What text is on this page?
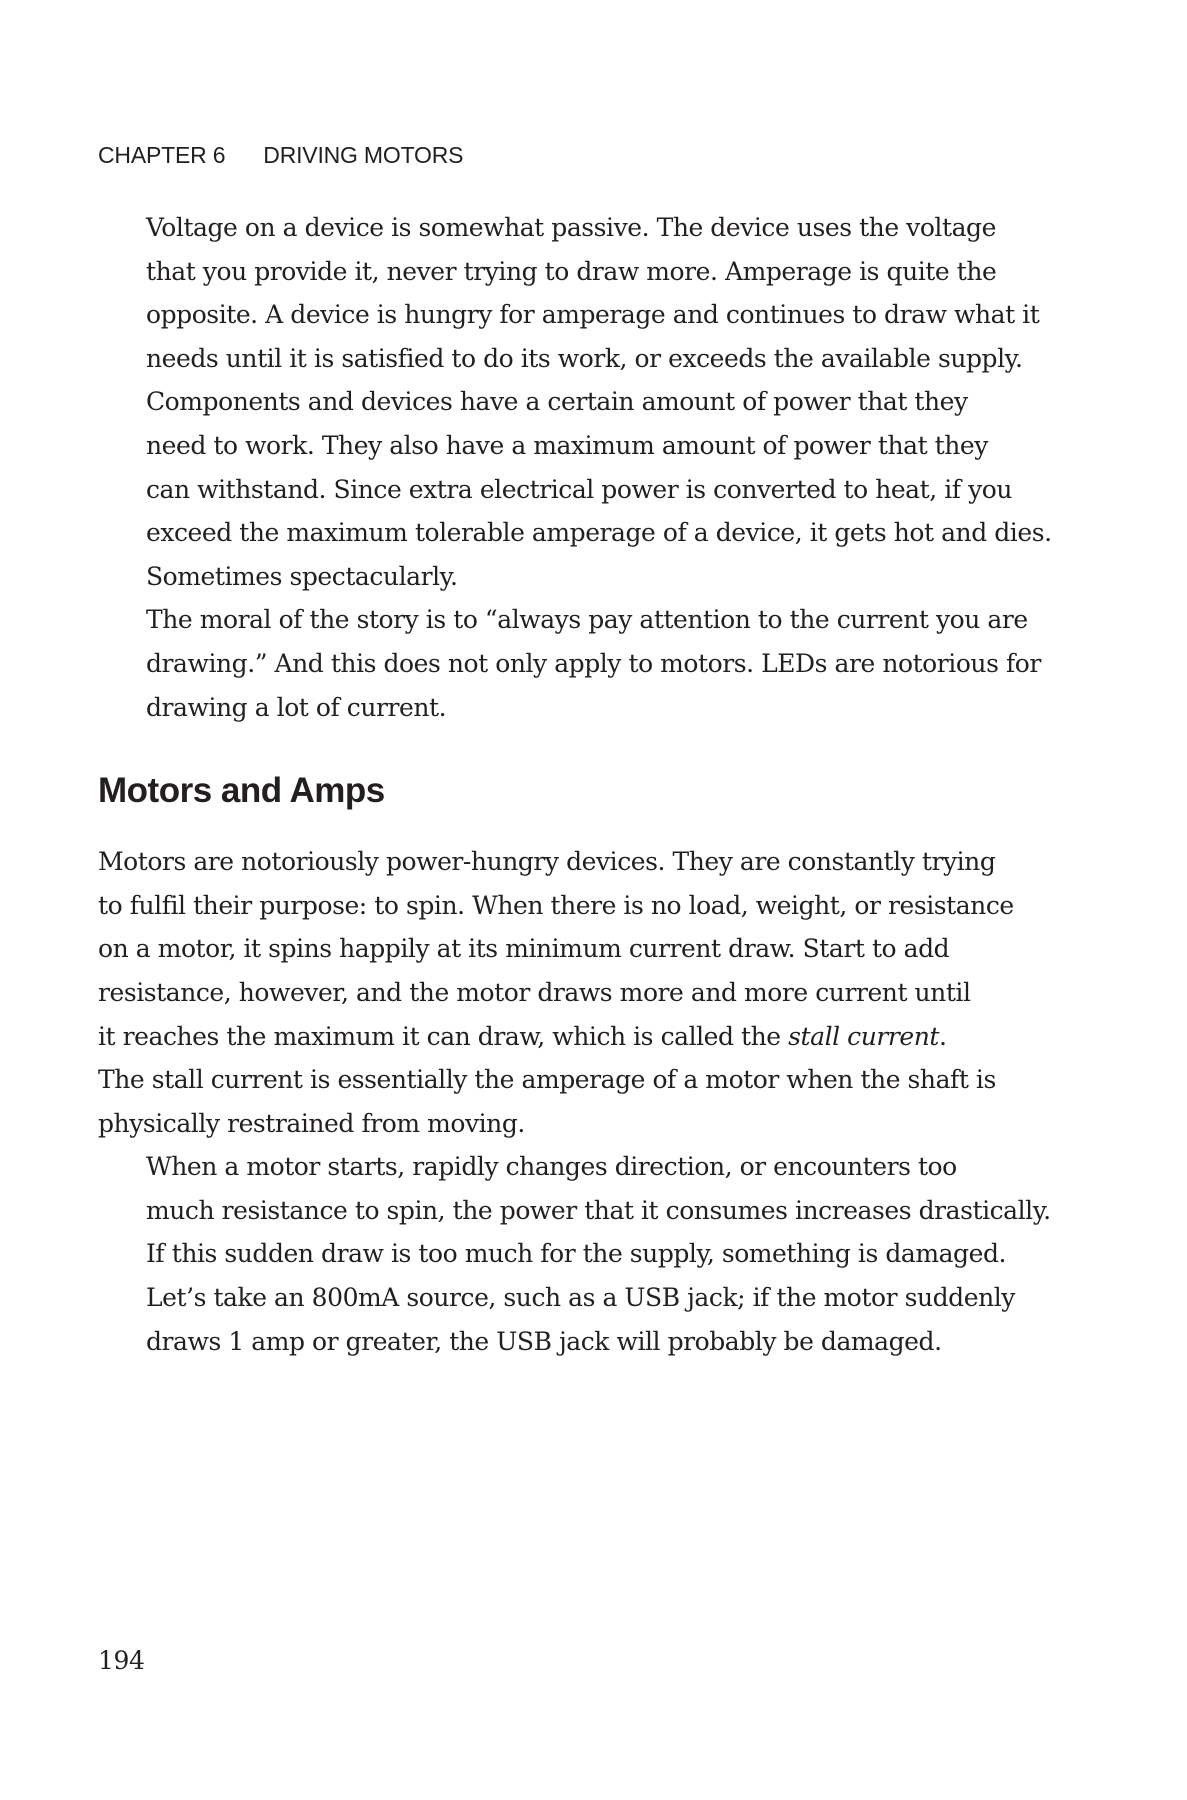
CHAPTER 6 DRIVING MOTORS

Voltage on a device is somewhat passive. The device uses the voltage
that you provide it, never trying to draw more. Amperage is quite the
opposite. A device is hungry for amperage and continues to draw what it
needs until it is satisfied to do its work, or exceeds the available supply.

Components and devices have a certain amount of power that they
need to work. They also have a maximum amount of power that they
can withstand. Since extra electrical power is converted to heat, if you
exceed the maximum tolerable amperage of a device, it gets hot and dies.
Sometimes spectacularly.

The moral of the story is to “always pay attention to the current you are
drawing.” And this does not only apply to motors. LEDs are notorious for
drawing a lot of current.

Motors and Amps

Motors are notoriously power-hungry devices. They are constantly trying
to fulfil their purpose: to spin. When there is no load, weight, or resistance
on a motor, it spins happily at its minimum current draw. Start to add
resistance, however, and the motor draws more and more current until
it reaches the maximum it can draw, which is called the stall current.
The stall current is essentially the amperage of a motor when the shaft is
physically restrained from moving.

When a motor starts, rapidly changes direction, or encounters too
much resistance to spin, the power that it consumes increases drastically.
If this sudden draw is too much for the supply, something is damaged.
Let’s take an 800mA source, such as a USB jack; if the motor suddenly
draws 1 amp or greater, the USB jack will probably be damaged.

194
